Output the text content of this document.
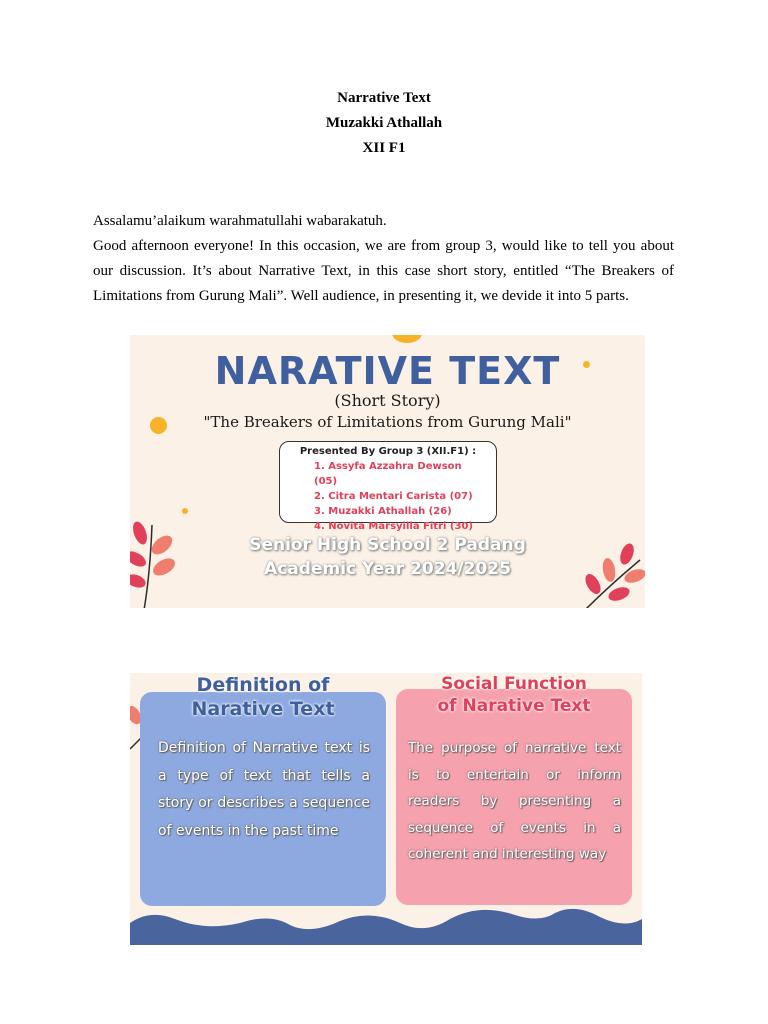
Narrative Text
Muzakki Athallah
XII F1

Assalamu’alaikum warahmatullahi wabarakatuh.

Good afternoon everyone! In this occasion, we are from group 3, would like to tell you about our discussion. It’s about Narrative Text, in this case short story, entitled “The Breakers of Limitations from Gurung Mali”. Well audience, in presenting it, we devide it into 5 parts.

NARATIVE TEXT
(Short Story)
"The Breakers of Limitations from Gurung Mali"
Presented By Group 3 (XII.F1) :
1. Assyfa Azzahra Dewson (05)
2. Citra Mentari Carista (07)
3. Muzakki Athallah (26)
4. Novita Marsyilla Fitri (30)
Senior High School 2 Padang
Academic Year 2024/2025
Definition of
Narative Text
Social Function
of Narative Text
Definition of Narrative text is a type of text that tells a story or describes a sequence of events in the past time
The purpose of narrative text is to entertain or inform readers by presenting a sequence of events in a coherent and interesting way
